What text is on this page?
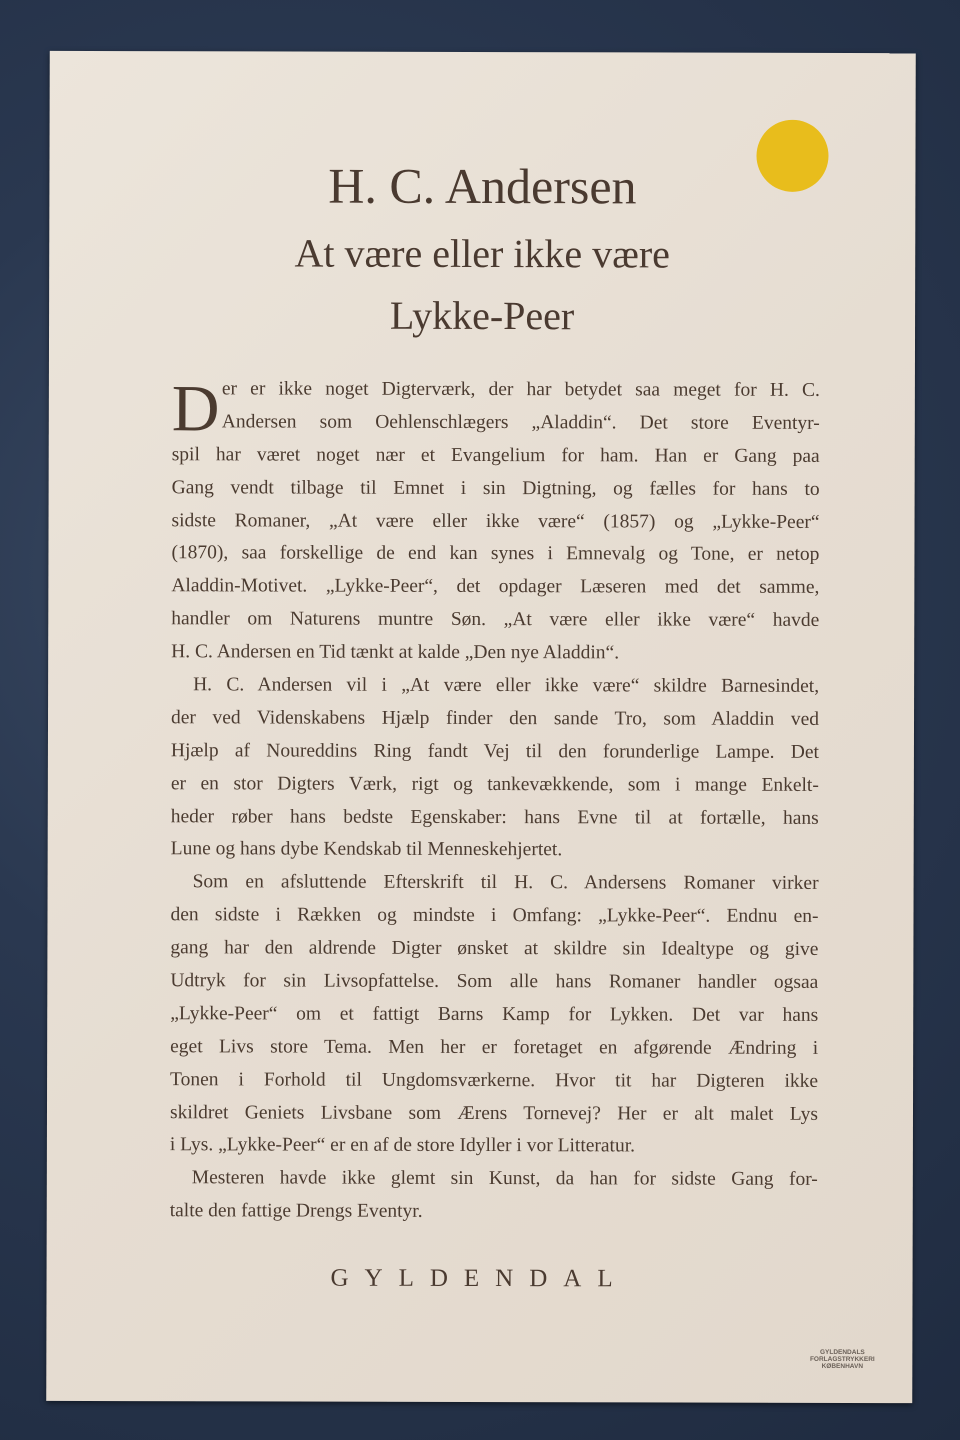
H. C. Andersen
At være eller ikke være
Lykke-Peer
D er er ikke noget Digterværk, der har betydet saa meget for H. C.
Andersen som Oehlenschlægers „Aladdin“. Det store Eventyr-
spil har været noget nær et Evangelium for ham. Han er Gang paa
Gang vendt tilbage til Emnet i sin Digtning, og fælles for hans to
sidste Romaner, „At være eller ikke være“ (1857) og „Lykke-Peer“
(1870), saa forskellige de end kan synes i Emnevalg og Tone, er netop
Aladdin-Motivet. „Lykke-Peer“, det opdager Læseren med det samme,
handler om Naturens muntre Søn. „At være eller ikke være“ havde
H. C. Andersen en Tid tænkt at kalde „Den nye Aladdin“.
H. C. Andersen vil i „At være eller ikke være“ skildre Barnesindet,
der ved Videnskabens Hjælp finder den sande Tro, som Aladdin ved
Hjælp af Noureddins Ring fandt Vej til den forunderlige Lampe. Det
er en stor Digters Værk, rigt og tankevækkende, som i mange Enkelt-
heder røber hans bedste Egenskaber: hans Evne til at fortælle, hans
Lune og hans dybe Kendskab til Menneskehjertet.
Som en afsluttende Efterskrift til H. C. Andersens Romaner virker
den sidste i Rækken og mindste i Omfang: „Lykke-Peer“. Endnu en-
gang har den aldrende Digter ønsket at skildre sin Idealtype og give
Udtryk for sin Livsopfattelse. Som alle hans Romaner handler ogsaa
„Lykke-Peer“ om et fattigt Barns Kamp for Lykken. Det var hans
eget Livs store Tema. Men her er foretaget en afgørende Ændring i
Tonen i Forhold til Ungdomsværkerne. Hvor tit har Digteren ikke
skildret Geniets Livsbane som Ærens Tornevej? Her er alt malet Lys
i Lys. „Lykke-Peer“ er en af de store Idyller i vor Litteratur.
Mesteren havde ikke glemt sin Kunst, da han for sidste Gang for-
talte den fattige Drengs Eventyr.
GYLDENDAL
GYLDENDALS
FORLAGSTRYKKERI
KØBENHAVN
